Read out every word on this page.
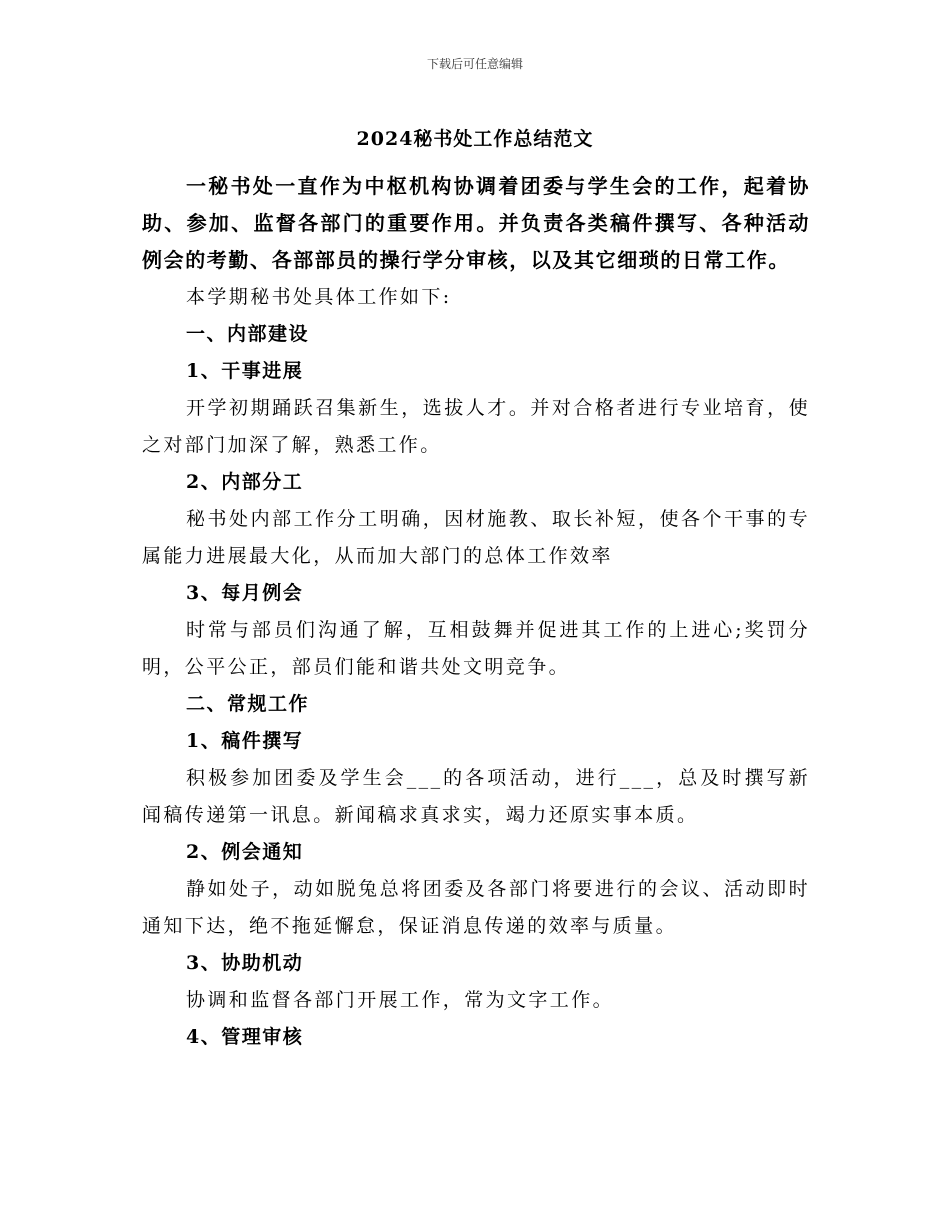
下载后可任意编辑
2024秘书处工作总结范文

一秘书处一直作为中枢机构协调着团委与学生会的工作，起着协助、参加、监督各部门的重要作用。并负责各类稿件撰写、各种活动例会的考勤、各部部员的操行学分审核，以及其它细琐的日常工作。

本学期秘书处具体工作如下:

一、内部建设

1、干事进展

开学初期踊跃召集新生，选拔人才。并对合格者进行专业培育，使之对部门加深了解，熟悉工作。

2、内部分工

秘书处内部工作分工明确，因材施教、取长补短，使各个干事的专属能力进展最大化，从而加大部门的总体工作效率

3、每月例会

时常与部员们沟通了解，互相鼓舞并促进其工作的上进心;奖罚分明，公平公正，部员们能和谐共处文明竞争。

二、常规工作

1、稿件撰写

积极参加团委及学生会___的各项活动，进行___，总及时撰写新闻稿传递第一讯息。新闻稿求真求实，竭力还原实事本质。

2、例会通知

静如处子，动如脱兔总将团委及各部门将要进行的会议、活动即时通知下达，绝不拖延懈怠，保证消息传递的效率与质量。

3、协助机动

协调和监督各部门开展工作，常为文字工作。

4、管理审核
